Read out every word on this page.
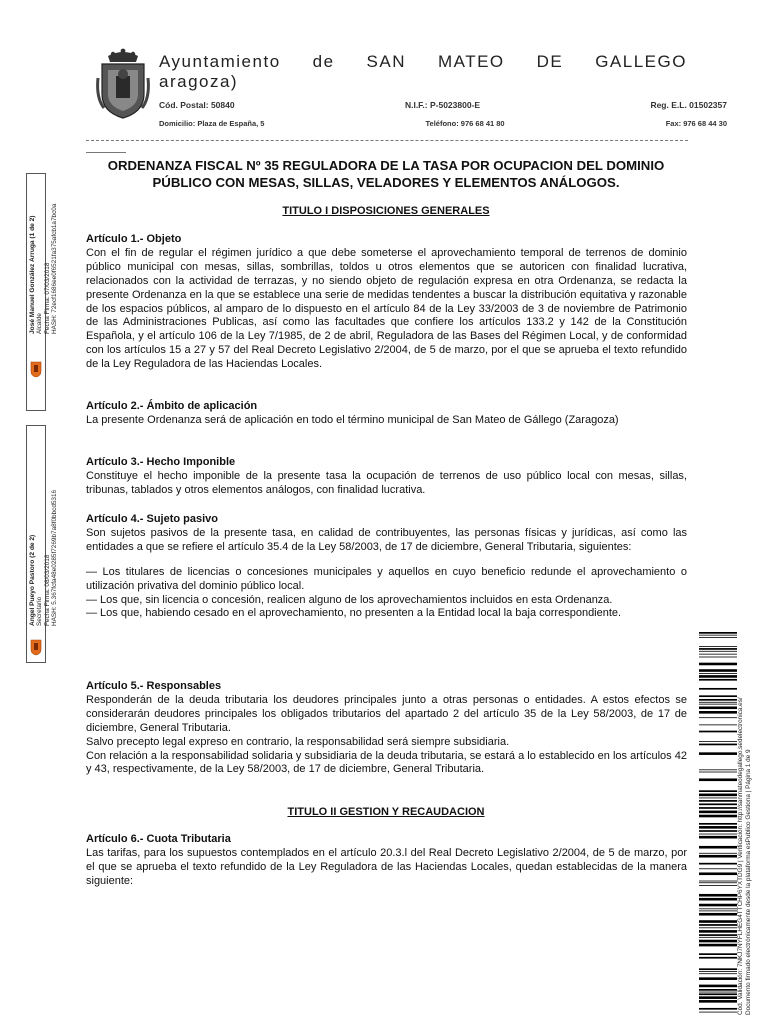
Ayuntamiento de SAN MATEO DE GALLEGO
aragoza)
Cód. Postal: 50840	N.I.F.: P-5023800-E	Reg. E.L. 01502357
Domicilio: Plaza de España, 5	Teléfono: 976 68 41 80	Fax: 976 68 44 30
ORDENANZA FISCAL Nº 35 REGULADORA DE LA TASA POR OCUPACION DEL DOMINIO PÚBLICO CON MESAS, SILLAS, VELADORES Y ELEMENTOS ANÁLOGOS.
TITULO I DISPOSICIONES GENERALES
Artículo 1.- Objeto
Con el fin de regular el régimen jurídico a que debe someterse el aprovechamiento temporal de terrenos de dominio público municipal con mesas, sillas, sombrillas, toldos u otros elementos que se autoricen con finalidad lucrativa, relacionados con la actividad de terrazas, y no siendo objeto de regulación expresa en otra Ordenanza, se redacta la presente Ordenanza en la que se establece una serie de medidas tendentes a buscar la distribución equitativa y razonable de los espacios públicos, al amparo de lo dispuesto en el artículo 84 de la Ley 33/2003 de 3 de noviembre de Patrimonio de las Administraciones Publicas, así como las facultades que confiere los artículos 133.2 y 142 de la Constitución Española, y el artículo 106 de la Ley 7/1985, de 2 de abril, Reguladora de las Bases del Régimen Local, y de conformidad con los artículos 15 a 27 y 57 del Real Decreto Legislativo 2/2004, de 5 de marzo, por el que se aprueba el texto refundido de la Ley Reguladora de las Haciendas Locales.
Artículo 2.- Ámbito de aplicación
La presente Ordenanza será de aplicación en todo el término municipal de San Mateo de Gállego (Zaragoza)
Artículo 3.- Hecho Imponible
Constituye el hecho imponible de la presente tasa la ocupación de terrenos de uso público local con mesas, sillas, tribunas, tablados y otros elementos análogos, con finalidad lucrativa.
Artículo 4.- Sujeto pasivo
Son sujetos pasivos de la presente tasa, en calidad de contribuyentes, las personas físicas y jurídicas, así como las entidades a que se refiere el artículo 35.4 de la Ley 58/2003, de 17 de diciembre, General Tributaria, siguientes:
— Los titulares de licencias o concesiones municipales y aquellos en cuyo beneficio redunde el aprovechamiento o utilización privativa del dominio público local.
— Los que, sin licencia o concesión, realicen alguno de los aprovechamientos incluidos en esta Ordenanza.
— Los que, habiendo cesado en el aprovechamiento, no presenten a la Entidad local la baja correspondiente.
Artículo 5.- Responsables
Responderán de la deuda tributaria los deudores principales junto a otras personas o entidades. A estos efectos se considerarán deudores principales los obligados tributarios del apartado 2 del artículo 35 de la Ley 58/2003, de 17 de diciembre, General Tributaria.
Salvo precepto legal expreso en contrario, la responsabilidad será siempre subsidiaria.
Con relación a la responsabilidad solidaria y subsidiaria de la deuda tributaria, se estará a lo establecido en los artículos 42 y 43, respectivamente, de la Ley 58/2003, de 17 de diciembre, General Tributaria.
TITULO II GESTION Y RECAUDACION
Artículo 6.- Cuota Tributaria
Las tarifas, para los supuestos contemplados en el artículo 20.3.l del Real Decreto Legislativo 2/2004, de 5 de marzo, por el que se aprueba el texto refundido de la Ley Reguladora de las Haciendas Locales, quedan establecidas de la manera siguiente:
José Manuel González Arruga (1 de 2)
Alcalde
Fecha Firma: 07/03/2018
HASH: 72ecf1686ee0f6521fa375afcb1a7bc0a
Angel Pueyo Pastoro (2 de 2)
Secretario
Fecha Firma: 08/03/2018
HASH: 5.367fcfa48e0285f7269b7a8f0bbcd5316
Cód. Validación: 7NKJ7NYFLHEG4TTCHP6YXTDG9 | Verificación: http://sanmateodegallego.sedelectronica.es/
Documento firmado electrónicamente desde la plataforma esPublico Gestiona | Página 1 de 9
